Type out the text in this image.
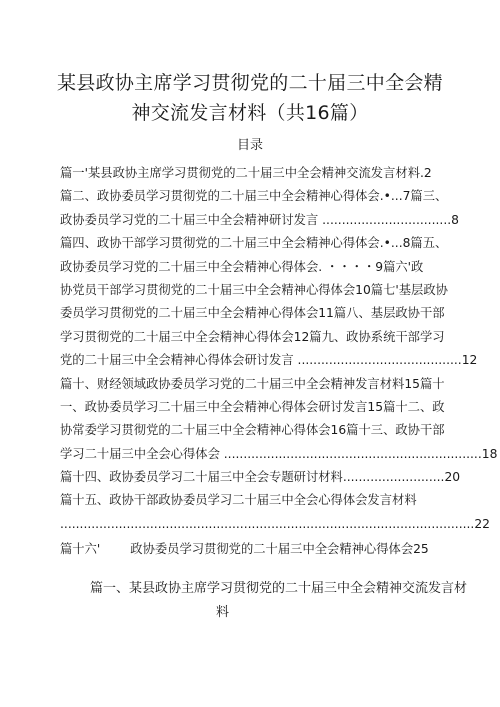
某县政协主席学习贯彻党的二十届三中全会精
神交流发言材料（共16篇）
目录
篇一'某县政协主席学习贯彻党的二十届三中全会精神交流发言材料.2
篇二、政协委员学习贯彻党的二十届三中全会精神心得体会.•...7篇三、
政协委员学习党的二十届三中全会精神研讨发言 .................................8
篇四、政协干部学习贯彻党的二十届三中全会精神心得体会.•...8篇五、
政协委员学习党的二十届三中全会精神心得体会. ・・・・9篇六'政
协党员干部学习贯彻党的二十届三中全会精神心得体会10篇七'基层政协
委员学习贯彻党的二十届三中全会精神心得体会11篇八、基层政协干部
学习贯彻党的二十届三中全会精神心得体会12篇九、政协系统干部学习
党的二十届三中全会精神心得体会研讨发言 ..........................................12
篇十、财经领域政协委员学习党的二十届三中全会精神发言材料15篇十
一、政协委员学习二十届三中全会精神心得体会研讨发言15篇十二、政
协常委学习贯彻党的二十届三中全会精神心得体会16篇十三、政协干部
学习二十届三中全会心得体会 ..................................................................18
篇十四、政协委员学习二十届三中全会专题研讨材料..........................20
篇十五、政协干部政协委员学习二十届三中全会心得体会发言材料
..........................................................................................................22
篇十六' 政协委员学习贯彻党的二十届三中全会精神心得体会25
篇一、某县政协主席学习贯彻党的二十届三中全会精神交流发言材
料
